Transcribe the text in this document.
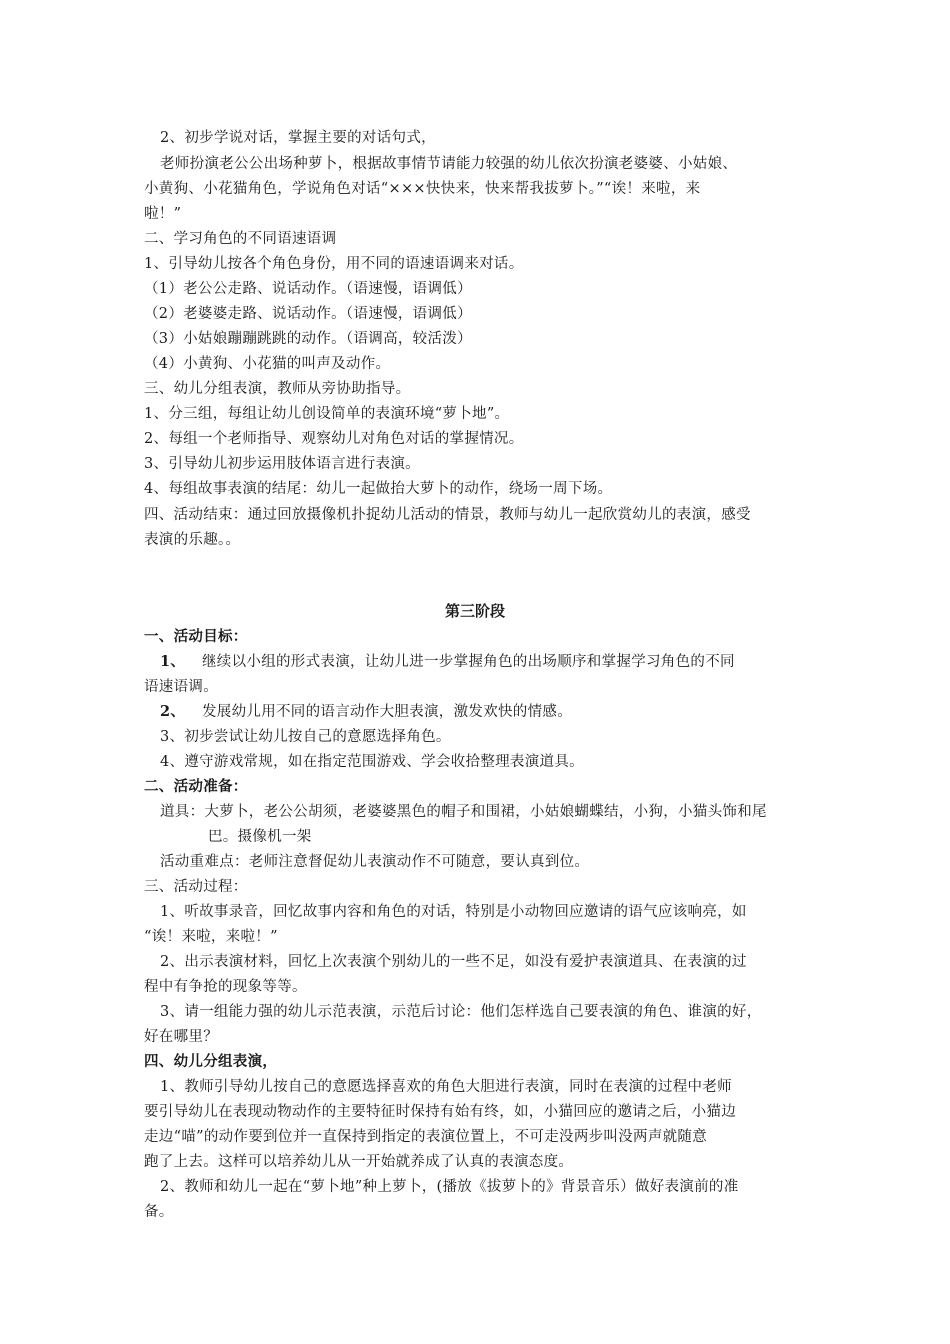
2、初步学说对话，掌握主要的对话句式，
老师扮演老公公出场种萝卜，根据故事情节请能力较强的幼儿依次扮演老婆婆、小姑娘、
小黄狗、小花猫角色，学说角色对话“×××快快来，快来帮我拔萝卜。”“诶！来啦，来
啦！”
二、学习角色的不同语速语调
1、引导幼儿按各个角色身份，用不同的语速语调来对话。
（1）老公公走路、说话动作。（语速慢，语调低）
（2）老婆婆走路、说话动作。（语速慢，语调低）
（3）小姑娘蹦蹦跳跳的动作。（语调高，较活泼）
（4）小黄狗、小花猫的叫声及动作。
三、幼儿分组表演，教师从旁协助指导。
1、分三组，每组让幼儿创设简单的表演环境“萝卜地”。
2、每组一个老师指导、观察幼儿对角色对话的掌握情况。
3、引导幼儿初步运用肢体语言进行表演。
4、每组故事表演的结尾：幼儿一起做抬大萝卜的动作，绕场一周下场。
四、活动结束：通过回放摄像机扑捉幼儿活动的情景，教师与幼儿一起欣赏幼儿的表演，感受
表演的乐趣。。
第三阶段
一、活动目标：
1、 继续以小组的形式表演，让幼儿进一步掌握角色的出场顺序和掌握学习角色的不同
语速语调。
2、 发展幼儿用不同的语言动作大胆表演，激发欢快的情感。
3、初步尝试让幼儿按自己的意愿选择角色。
4、遵守游戏常规，如在指定范围游戏、学会收拾整理表演道具。
二、活动准备：
道具：大萝卜，老公公胡须，老婆婆黑色的帽子和围裙，小姑娘蝴蝶结，小狗，小猫头饰和尾
巴。摄像机一架
活动重难点：老师注意督促幼儿表演动作不可随意，要认真到位。
三、活动过程：
1、听故事录音，回忆故事内容和角色的对话，特别是小动物回应邀请的语气应该响亮，如
“诶！来啦，来啦！”
2、出示表演材料，回忆上次表演个别幼儿的一些不足，如没有爱护表演道具、在表演的过
程中有争抢的现象等等。
3、请一组能力强的幼儿示范表演，示范后讨论：他们怎样选自己要表演的角色、谁演的好，
好在哪里？
四、幼儿分组表演，
1、教师引导幼儿按自己的意愿选择喜欢的角色大胆进行表演，同时在表演的过程中老师
要引导幼儿在表现动物动作的主要特征时保持有始有终，如，小猫回应的邀请之后，小猫边
走边“喵”的动作要到位并一直保持到指定的表演位置上，不可走没两步叫没两声就随意
跑了上去。这样可以培养幼儿从一开始就养成了认真的表演态度。
2、教师和幼儿一起在“萝卜地”种上萝卜，(播放《拔萝卜的》背景音乐）做好表演前的准
备。
